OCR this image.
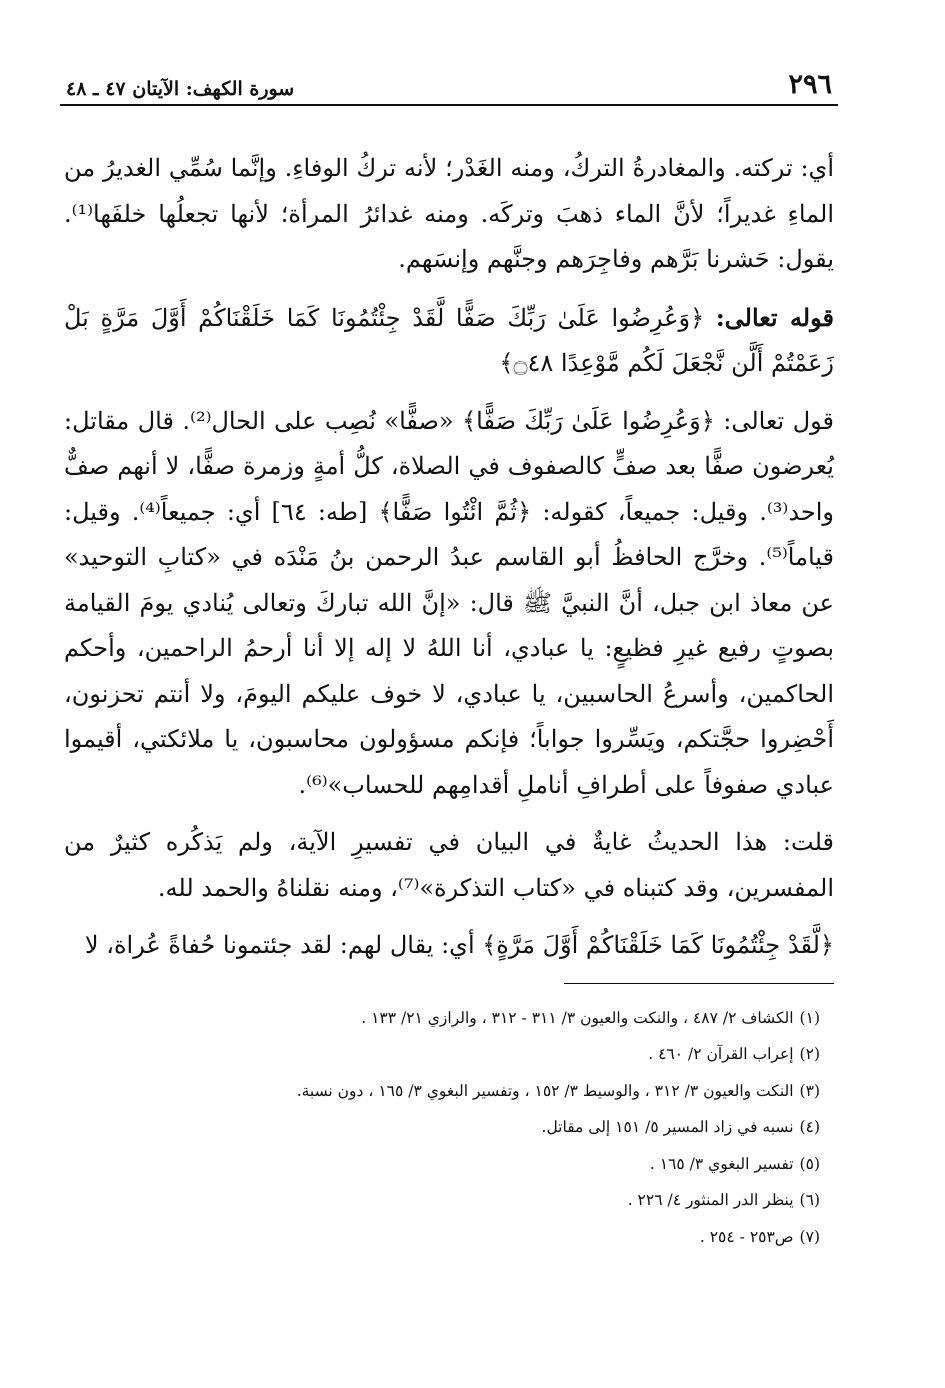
٢٩٦
سورة الكهف: الآيتان ٤٧ ـ ٤٨

أي: تركته. والمغادرةُ التركُ، ومنه الغَدْر؛ لأنه تركُ الوفاءِ. وإنَّما سُمِّي الغديرُ من الماءِ غديراً؛ لأنَّ الماء ذهبَ وتركَه. ومنه غدائرُ المرأة؛ لأنها تجعلُها خلفَها⁽¹⁾. يقول: حَشرنا بَرَّهم وفاجِرَهم وجنَّهم وإنسَهم.

قوله تعالى: ﴿وَعُرِضُوا عَلَىٰ رَبِّكَ صَفًّا لَّقَدْ جِئْتُمُونَا كَمَا خَلَقْنَاكُمْ أَوَّلَ مَرَّةٍ بَلْ زَعَمْتُمْ أَلَّن نَّجْعَلَ لَكُم مَّوْعِدًا ۝٤٨﴾

قول تعالى: ﴿وَعُرِضُوا عَلَىٰ رَبِّكَ صَفًّا﴾ «صفًّا» نُصِب على الحال⁽²⁾. قال مقاتل: يُعرضون صفًّا بعد صفٍّ كالصفوف في الصلاة، كلُّ أمةٍ وزمرة صفًّا، لا أنهم صفٌّ واحد⁽³⁾. وقيل: جميعاً، كقوله: ﴿ثُمَّ ائْتُوا صَفًّا﴾ [طه: ٦٤] أي: جميعاً⁽⁴⁾. وقيل: قياماً⁽⁵⁾. وخرَّج الحافظُ أبو القاسم عبدُ الرحمن بنُ مَنْدَه في «كتابِ التوحيد» عن معاذ ابن جبل، أنَّ النبيَّ ﷺ قال: «إنَّ الله تباركَ وتعالى يُنادي يومَ القيامة بصوتٍ رفيع غيرِ فظيعٍ: يا عبادي، أنا اللهُ لا إله إلا أنا أرحمُ الراحمين، وأحكم الحاكمين، وأسرعُ الحاسبين، يا عبادي، لا خوف عليكم اليومَ، ولا أنتم تحزنون، أَحْضِروا حجَّتكم، ويَسِّروا جواباً؛ فإنكم مسؤولون محاسبون، يا ملائكتي، أقيموا عبادي صفوفاً على أطرافِ أناملِ أقدامِهم للحساب»⁽⁶⁾.

قلت: هذا الحديثُ غايةٌ في البيان في تفسيرِ الآية، ولم يَذكُره كثيرٌ من المفسرين، وقد كتبناه في «كتاب التذكرة»⁽⁷⁾، ومنه نقلناهُ والحمد لله.

﴿لَّقَدْ جِئْتُمُونَا كَمَا خَلَقْنَاكُمْ أَوَّلَ مَرَّةٍ﴾ أي: يقال لهم: لقد جئتمونا حُفاةً عُراة، لا

(١)الكشاف ٢/ ٤٨٧ ، والنكت والعيون ٣/ ٣١١ - ٣١٢ ، والرازي ٢١/ ١٣٣ .

(٢)إعراب القرآن ٢/ ٤٦٠ .

(٣)النكت والعيون ٣/ ٣١٢ ، والوسيط ٣/ ١٥٢ ، وتفسير البغوي ٣/ ١٦٥ ، دون نسبة.

(٤)نسبه في زاد المسير ٥/ ١٥١ إلى مقاتل.

(٥)تفسير البغوي ٣/ ١٦٥ .

(٦)ينظر الدر المنثور ٤/ ٢٢٦ .

(٧)ص٢٥٣ - ٢٥٤ .
